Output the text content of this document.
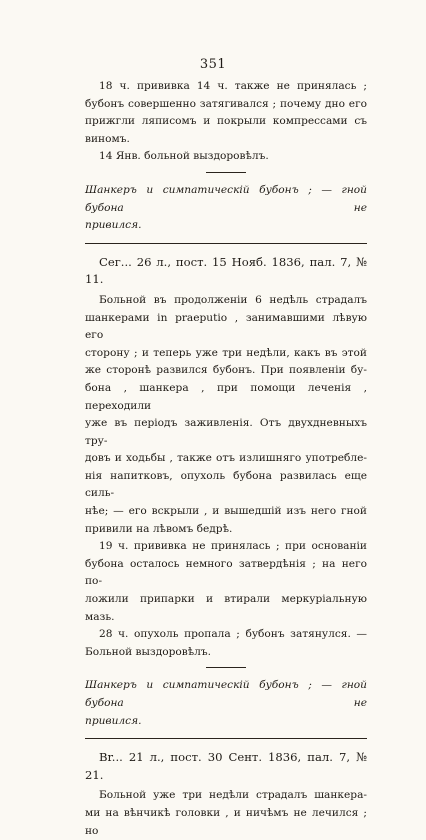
351

18 ч. прививка 14 ч. также не принялась ;

бубонъ совершенно затягивался ; почему дно его

прижгли ляписомъ и покрыли компрессами съ виномъ.

14 Янв. больной выздоровѣлъ.

Шанкеръ и симпатическій бубонъ ; — гной бубона не

привился.

Сег... 26 л., пост. 15 Нояб. 1836, пал. 7, № 11.

Больной въ продолженіи 6 недѣль страдалъ

шанкерами in praeputio , занимавшими лѣвую его

сторону ; и теперь уже три недѣли, какъ въ этой

же сторонѣ развился бубонъ. При появленіи бу-

бона , шанкера , при помощи леченія , переходили

уже въ періодъ заживленія. Отъ двухдневныхъ тру-

довъ и ходьбы , также отъ излишняго употребле-

нія напитковъ, опухоль бубона развилась еще силь-

нѣе; — его вскрыли , и вышедшій изъ него гной

привили на лѣвомъ бедрѣ.

19 ч. прививка не принялась ; при основаніи

бубона осталось немного затвердѣнія ; на него по-

ложили припарки и втирали меркуріальную мазь.

28 ч. опухоль пропала ; бубонъ затянулся. —

Больной выздоровѣлъ.

Шанкеръ и симпатическій бубонъ ; — гной бубона не

привился.

Вr... 21 л., пост. 30 Сент. 1836, пал. 7, № 21.

Больной уже три недѣли страдалъ шанкера-

ми на вѣнчикѣ головки , и ничѣмъ не лечился ; но
